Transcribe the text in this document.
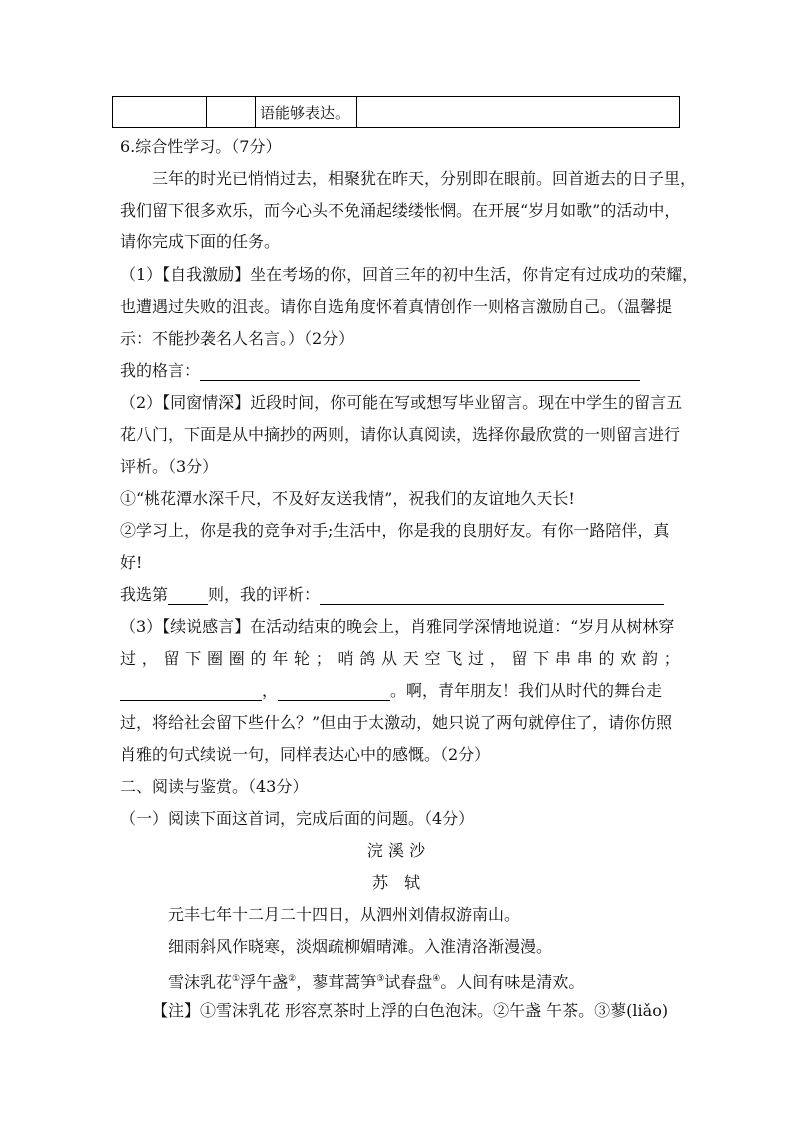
		语能够表达。	
6.综合性学习。（7分）
三年的时光已悄悄过去，相聚犹在昨天，分别即在眼前。回首逝去的日子里，
我们留下很多欢乐，而今心头不免涌起缕缕怅惘。在开展“岁月如歌”的活动中，
请你完成下面的任务。
（1）【自我激励】坐在考场的你，回首三年的初中生活，你肯定有过成功的荣耀，
也遭遇过失败的沮丧。请你自选角度怀着真情创作一则格言激励自己。（温馨提
示：不能抄袭名人名言。）（2分）
我的格言：
（2）【同窗情深】近段时间，你可能在写或想写毕业留言。现在中学生的留言五
花八门，下面是从中摘抄的两则，请你认真阅读，选择你最欣赏的一则留言进行
评析。（3分）
①“桃花潭水深千尺，不及好友送我情”，祝我们的友谊地久天长!
②学习上，你是我的竞争对手;生活中，你是我的良朋好友。有你一路陪伴，真
好!
我选第	则，我的评析：
（3）【续说感言】在活动结束的晚会上，肖雅同学深情地说道：“岁月从树林穿
过 ， 留 下 圈 圈 的 年 轮 ； 哨 鸽 从 天 空 飞 过 ， 留 下 串 串 的 欢 韵 ；
，	。啊，青年朋友！我们从时代的舞台走
过，将给社会留下些什么？”但由于太激动，她只说了两句就停住了，请你仿照
肖雅的句式续说一句，同样表达心中的感慨。（2分）
二、阅读与鉴赏。（43分）
（一）阅读下面这首词，完成后面的问题。（4分）
浣 溪 沙
苏　轼
元丰七年十二月二十四日，从泗州刘倩叔游南山。
细雨斜风作晓寒，淡烟疏柳媚晴滩。入淮清洛渐漫漫。
雪沫乳花①浮午盏②，蓼茸蒿笋③试春盘④。人间有味是清欢。
【注】①雪沫乳花 形容烹茶时上浮的白色泡沫。②午盏 午茶。③蓼(liǎo)
